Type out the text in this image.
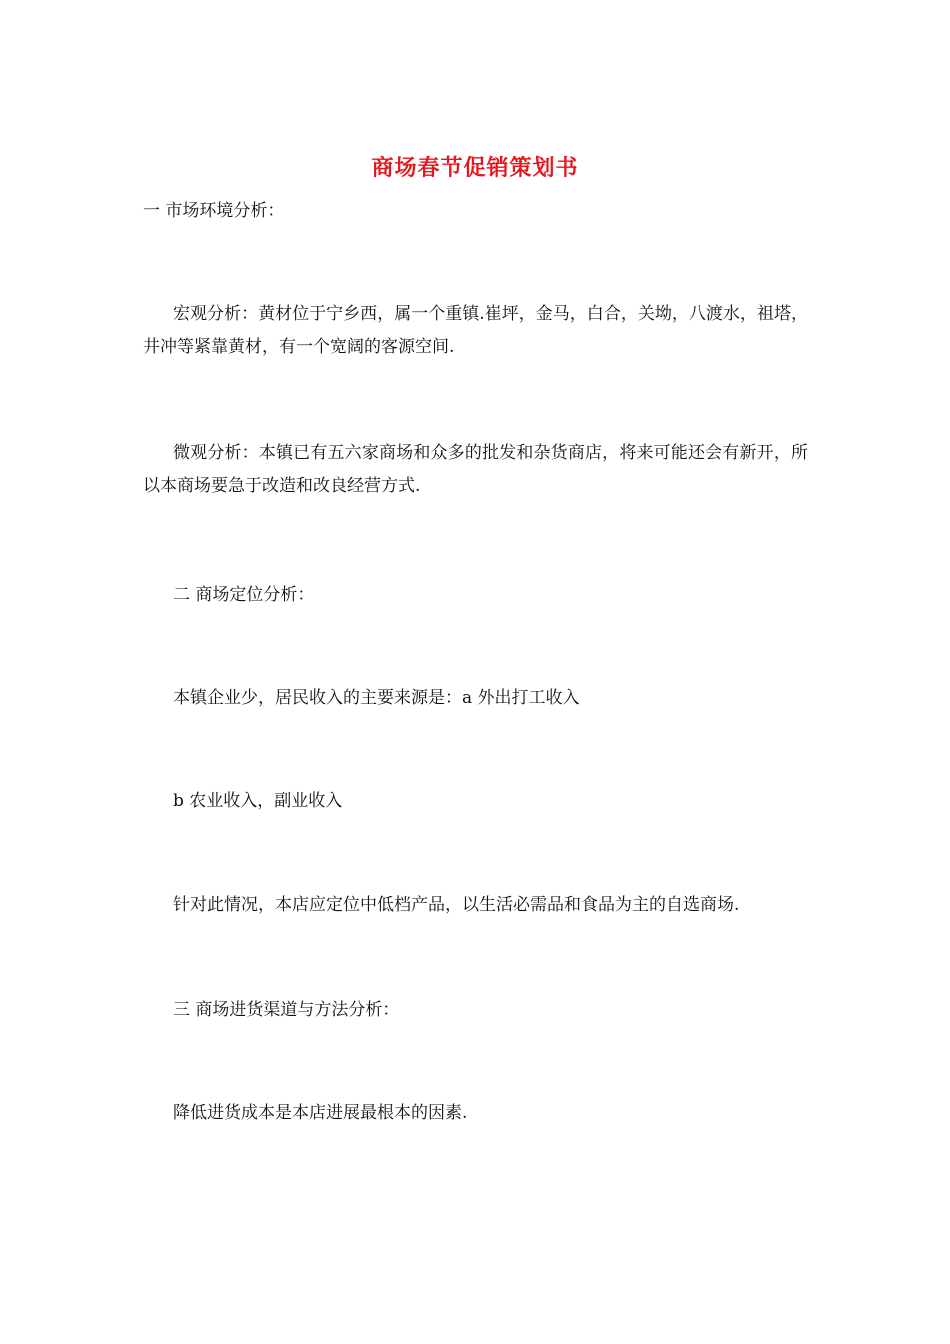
商场春节促销策划书
一 市场环境分析：
宏观分析：黄材位于宁乡西，属一个重镇.崔坪，金马，白合，关坳，八渡水，祖塔，井冲等紧靠黄材，有一个宽阔的客源空间.
微观分析：本镇已有五六家商场和众多的批发和杂货商店，将来可能还会有新开，所以本商场要急于改造和改良经营方式.
二 商场定位分析：
本镇企业少，居民收入的主要来源是：a 外出打工收入
b 农业收入，副业收入
针对此情况，本店应定位中低档产品，以生活必需品和食品为主的自选商场.
三 商场进货渠道与方法分析：
降低进货成本是本店进展最根本的因素.
